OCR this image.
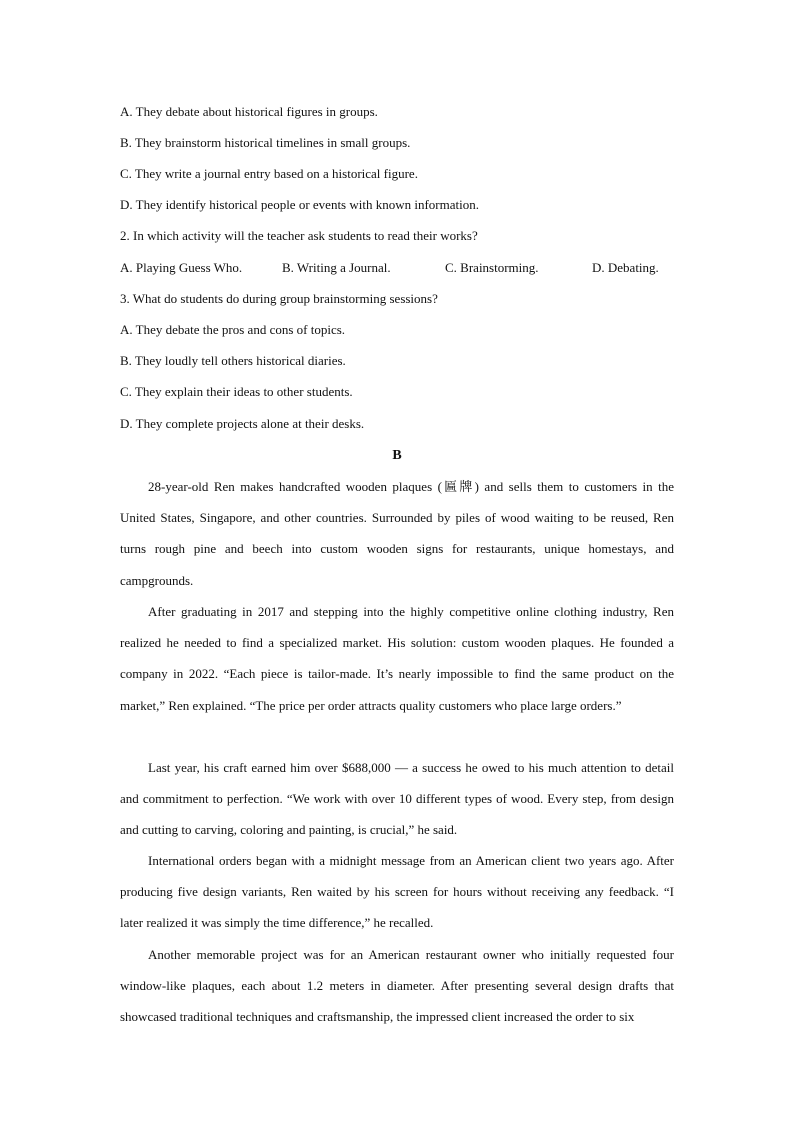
A. They debate about historical figures in groups.
B. They brainstorm historical timelines in small groups.
C. They write a journal entry based on a historical figure.
D. They identify historical people or events with known information.
2. In which activity will the teacher ask students to read their works?
A. Playing Guess Who.	B. Writing a Journal.	C. Brainstorming.	D. Debating.
3. What do students do during group brainstorming sessions?
A. They debate the pros and cons of topics.
B. They loudly tell others historical diaries.
C. They explain their ideas to other students.
D. They complete projects alone at their desks.
B

28-year-old Ren makes handcrafted wooden plaques (匾牌) and sells them to customers in the United States, Singapore, and other countries. Surrounded by piles of wood waiting to be reused, Ren turns rough pine and beech into custom wooden signs for restaurants, unique homestays, and campgrounds.

After graduating in 2017 and stepping into the highly competitive online clothing industry, Ren realized he needed to find a specialized market. His solution: custom wooden plaques. He founded a company in 2022. “Each piece is tailor-made. It’s nearly impossible to find the same product on the market,” Ren explained. “The price per order attracts quality customers who place large orders.”

Last year, his craft earned him over $688,000 — a success he owed to his much attention to detail and commitment to perfection. “We work with over 10 different types of wood. Every step, from design and cutting to carving, coloring and painting, is crucial,” he said.

International orders began with a midnight message from an American client two years ago. After producing five design variants, Ren waited by his screen for hours without receiving any feedback. “I later realized it was simply the time difference,” he recalled.

Another memorable project was for an American restaurant owner who initially requested four window-like plaques, each about 1.2 meters in diameter. After presenting several design drafts that showcased traditional techniques and craftsmanship, the impressed client increased the order to six
